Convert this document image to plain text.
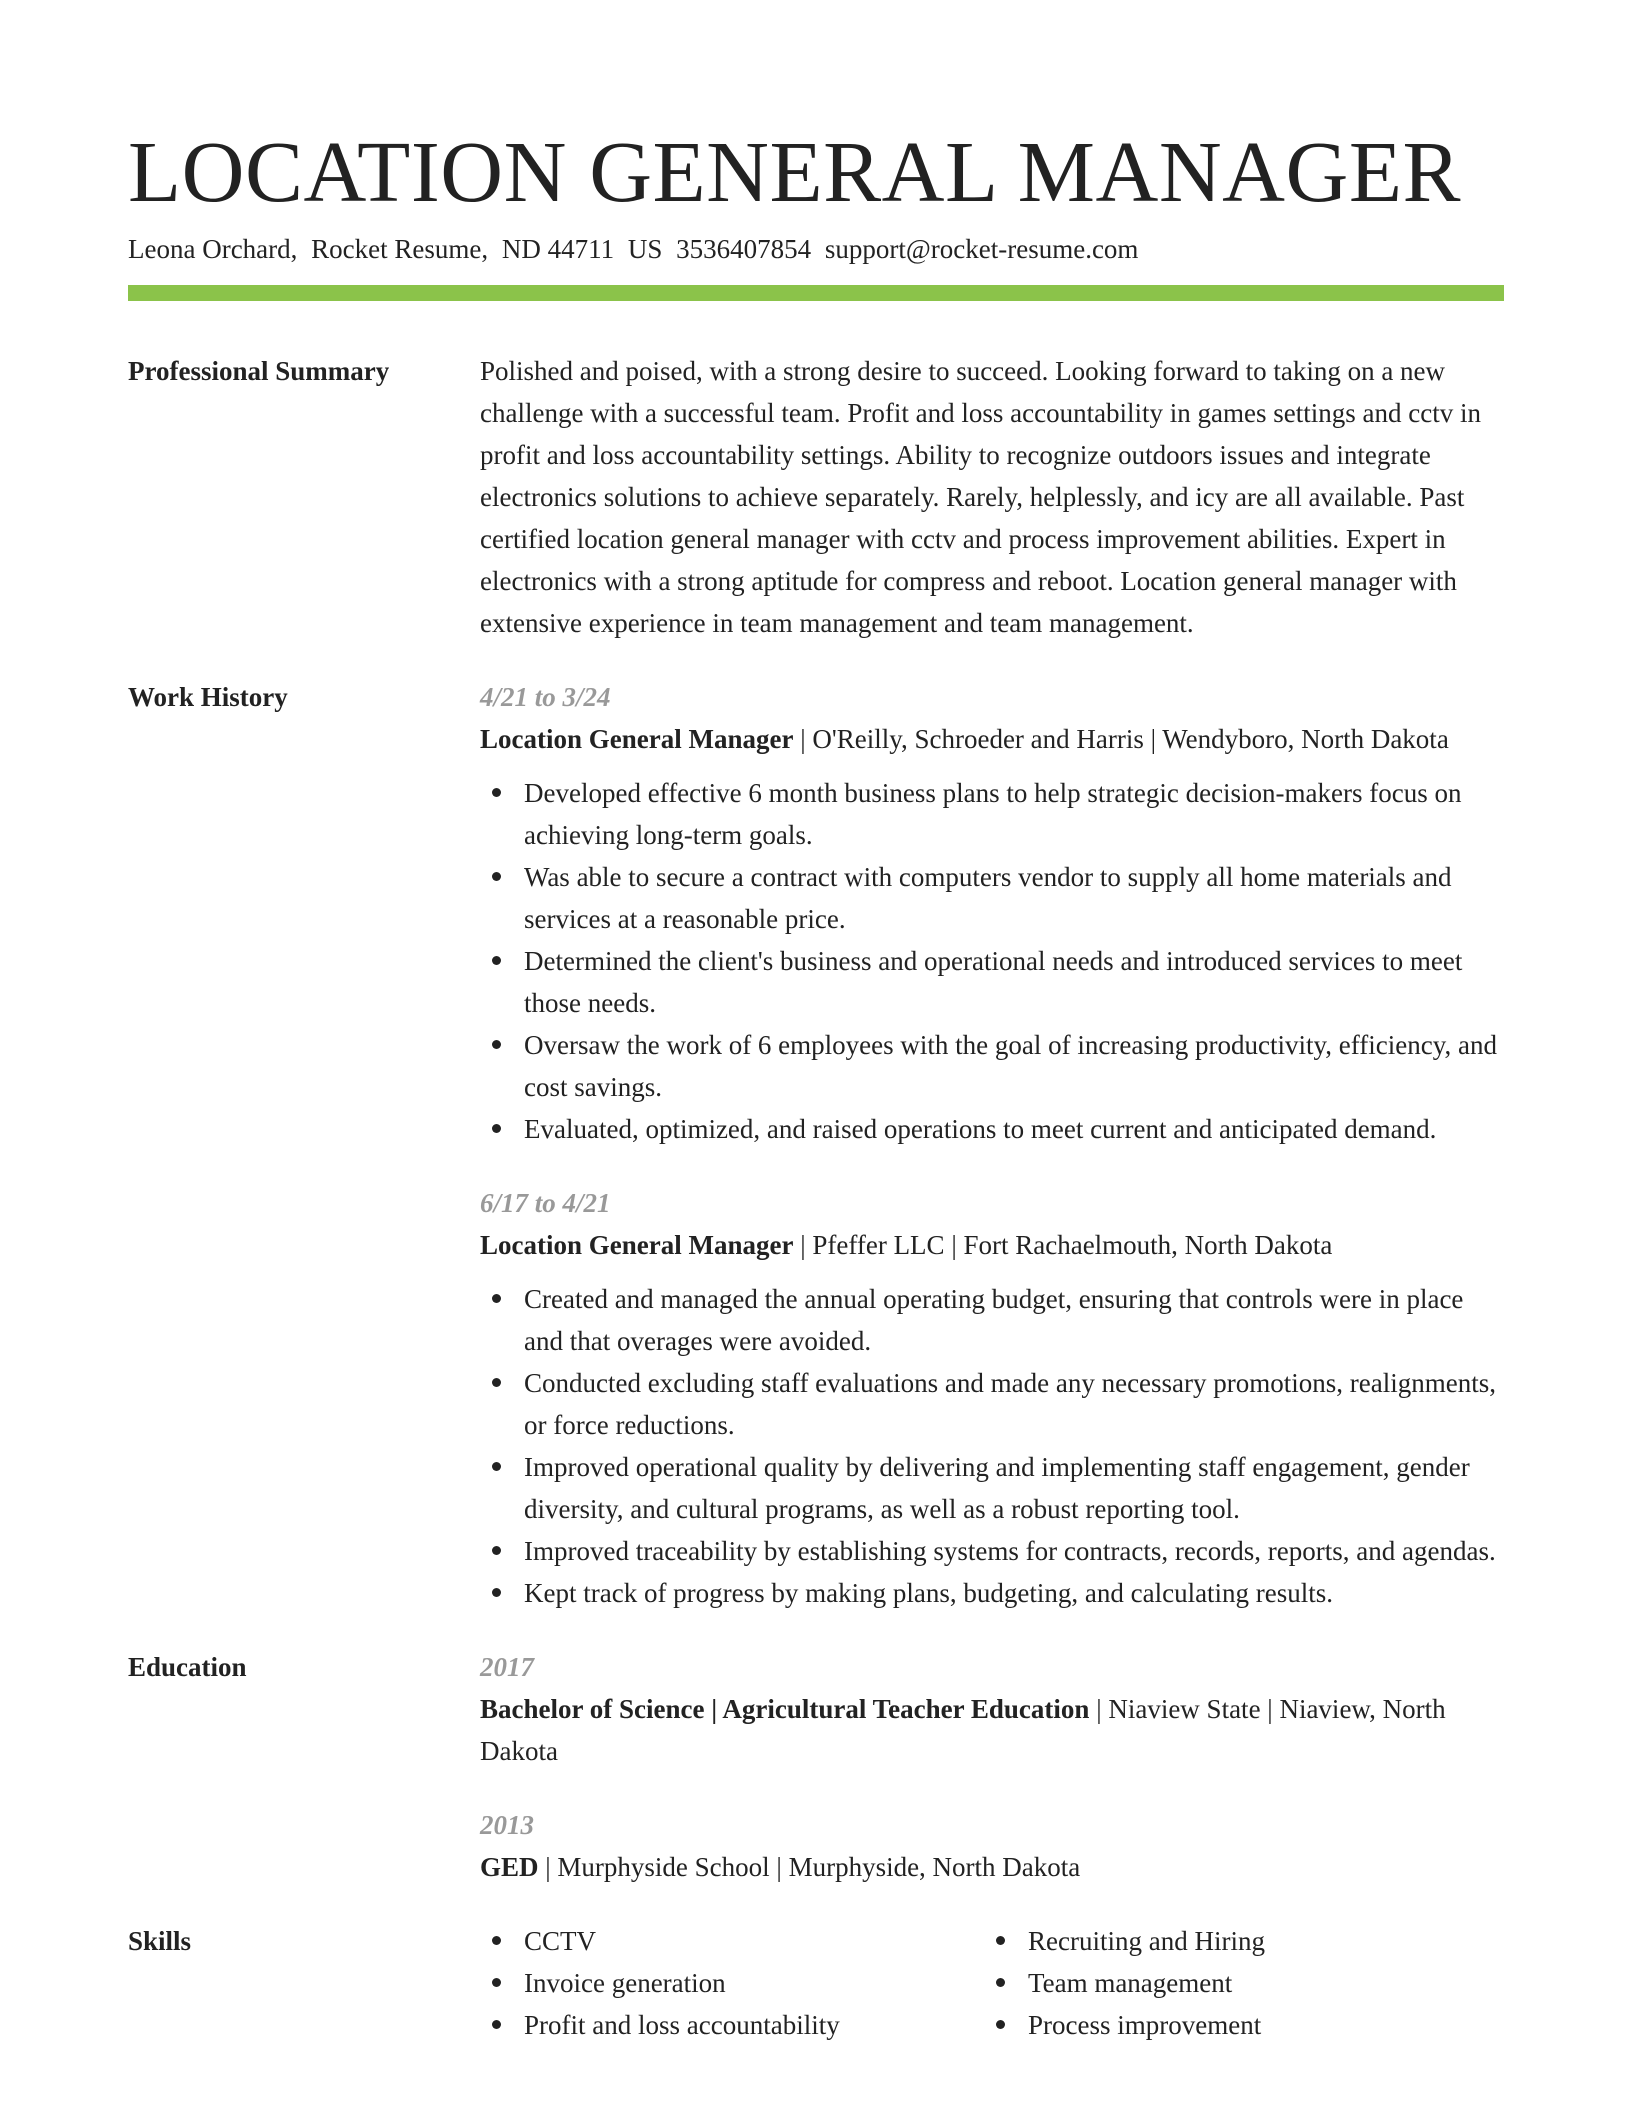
LOCATION GENERAL MANAGER
Leona Orchard, Rocket Resume, ND 44711 US 3536407854 support@rocket-resume.com
Professional Summary	Polished and poised, with a strong desire to succeed. Looking forward to taking on a new challenge with a successful team. Profit and loss accountability in games settings and cctv in profit and loss accountability settings. Ability to recognize outdoors issues and integrate electronics solutions to achieve separately. Rarely, helplessly, and icy are all available. Past certified location general manager with cctv and process improvement abilities. Expert in electronics with a strong aptitude for compress and reboot. Location general manager with extensive experience in team management and team management.
Work History	4/21 to 3/24
Location General Manager | O'Reilly, Schroeder and Harris | Wendyboro, North Dakota
Developed effective 6 month business plans to help strategic decision-makers focus on achieving long-term goals.
Was able to secure a contract with computers vendor to supply all home materials and services at a reasonable price.
Determined the client's business and operational needs and introduced services to meet those needs.
Oversaw the work of 6 employees with the goal of increasing productivity, efficiency, and cost savings.
Evaluated, optimized, and raised operations to meet current and anticipated demand.
6/17 to 4/21
Location General Manager | Pfeffer LLC | Fort Rachaelmouth, North Dakota
Created and managed the annual operating budget, ensuring that controls were in place and that overages were avoided.
Conducted excluding staff evaluations and made any necessary promotions, realignments, or force reductions.
Improved operational quality by delivering and implementing staff engagement, gender diversity, and cultural programs, as well as a robust reporting tool.
Improved traceability by establishing systems for contracts, records, reports, and agendas.
Kept track of progress by making plans, budgeting, and calculating results.
Education	2017
Bachelor of Science | Agricultural Teacher Education | Niaview State | Niaview, North Dakota
2013
GED | Murphyside School | Murphyside, North Dakota
Skills	CCTV
Invoice generation
Profit and loss accountability
Recruiting and Hiring
Team management
Process improvement
